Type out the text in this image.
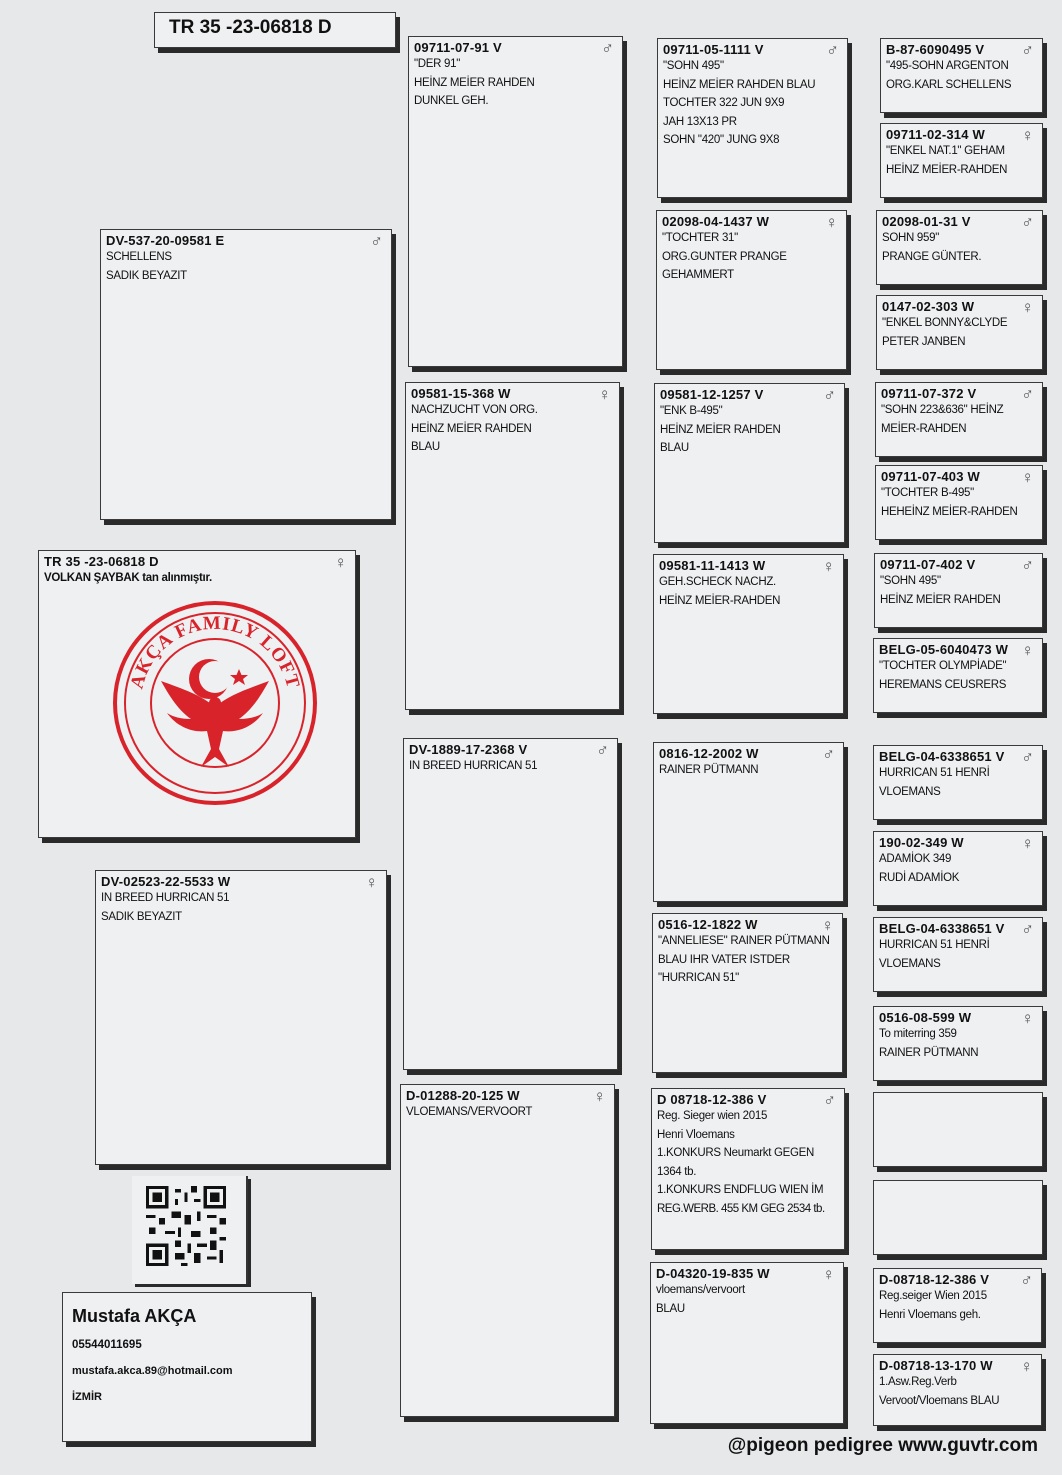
TR 35 -23-06818 D
DV-537-20-09581 E	♂
SCHELLENS
SADIK BEYAZIT
TR 35 -23-06818 D	♀
VOLKAN ŞAYBAK tan alınmıştır.
AKÇA FAMILY LOFT
DV-02523-22-5533 W	♀
IN BREED HURRICAN 51
SADIK BEYAZIT
Mustafa AKÇA
05544011695
mustafa.akca.89@hotmail.com
İZMİR
09711-07-91 V	♂
"DER 91"
HEİNZ MEİER RAHDEN
DUNKEL GEH.
09581-15-368 W	♀
NACHZUCHT VON ORG.
HEİNZ MEİER RAHDEN
BLAU
DV-1889-17-2368 V	♂
IN BREED HURRICAN 51
D-01288-20-125 W	♀
VLOEMANS/VERVOORT
09711-05-1111 V	♂
"SOHN 495"
HEİNZ MEİER RAHDEN BLAU
TOCHTER 322 JUN 9X9
JAH 13X13 PR
SOHN "420" JUNG 9X8
02098-04-1437 W	♀
"TOCHTER 31"
ORG.GUNTER PRANGE
GEHAMMERT
09581-12-1257 V	♂
"ENK B-495"
HEİNZ MEİER RAHDEN
BLAU
09581-11-1413 W	♀
GEH.SCHECK NACHZ.
HEİNZ MEİER-RAHDEN
0816-12-2002 W	♂
RAINER PÜTMANN
0516-12-1822 W	♀
"ANNELIESE" RAINER PÜTMANN
BLAU IHR VATER ISTDER
"HURRICAN 51"
D 08718-12-386 V	♂
Reg. Sieger wien 2015
Henri Vloemans
1.KONKURS Neumarkt GEGEN
1364 tb.
1.KONKURS ENDFLUG WIEN İM
REG.WERB. 455 KM GEG 2534 tb.
D-04320-19-835 W	♀
vloemans/vervoort
BLAU
B-87-6090495 V	♂
"495-SOHN ARGENTON
ORG.KARL SCHELLENS
09711-02-314 W	♀
"ENKEL NAT.1" GEHAM
HEİNZ MEİER-RAHDEN
02098-01-31 V	♂
SOHN 959"
PRANGE GÜNTER.
0147-02-303 W	♀
"ENKEL BONNY&CLYDE
PETER JANBEN
09711-07-372 V	♂
"SOHN 223&636" HEİNZ
MEİER-RAHDEN
09711-07-403 W	♀
"TOCHTER B-495"
HEHEİNZ MEİER-RAHDEN
09711-07-402 V	♂
"SOHN 495"
HEİNZ MEİER RAHDEN
BELG-05-6040473 W ♀
"TOCHTER OLYMPİADE"
HEREMANS CEUSRERS
BELG-04-6338651 V ♂
HURRICAN 51 HENRİ
VLOEMANS
190-02-349 W	♀
ADAMİOK 349
RUDİ ADAMİOK
BELG-04-6338651 V ♂
HURRICAN 51 HENRİ
VLOEMANS
0516-08-599 W	♀
To miterring 359
RAINER PÜTMANN
D-08718-12-386 V	♂
Reg.seiger Wien 2015
Henri Vloemans geh.
D-08718-13-170 W	♀
1.Asw.Reg.Verb
Vervoot/Vloemans BLAU
@pigeon pedigree www.guvtr.com
